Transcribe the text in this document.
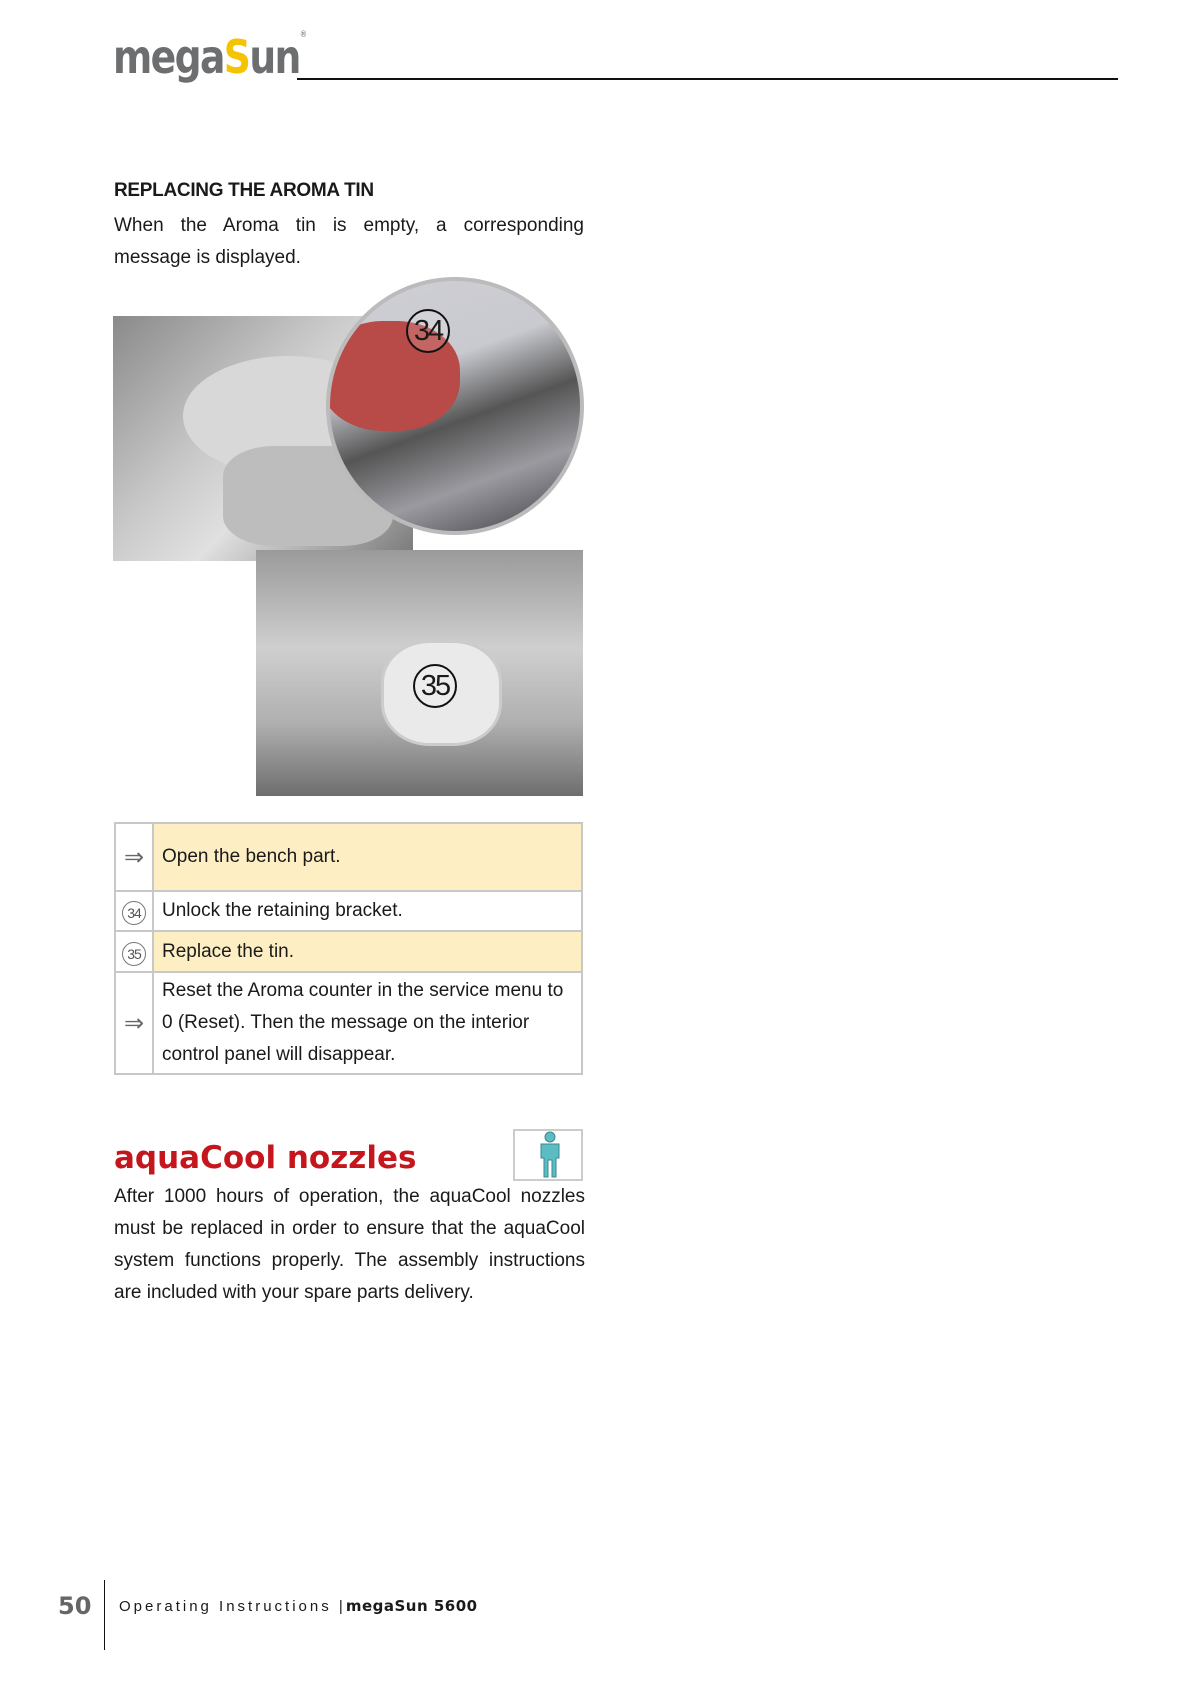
megaSun®
REPLACING THE AROMA TIN
When the Aroma tin is empty, a corresponding message is displayed.
34
35
⇒	Open the bench part.
34	Unlock the retaining bracket.
35	Replace the tin.
⇒	Reset the Aroma counter in the service menu to 0 (Reset). Then the message on the interior control panel will disappear.
aquaCool nozzles
After 1000 hours of operation, the aquaCool nozzles must be replaced in order to ensure that the aquaCool system functions properly. The assembly instructions are included with your spare parts delivery.
50 Operating Instructions |megaSun 5600
